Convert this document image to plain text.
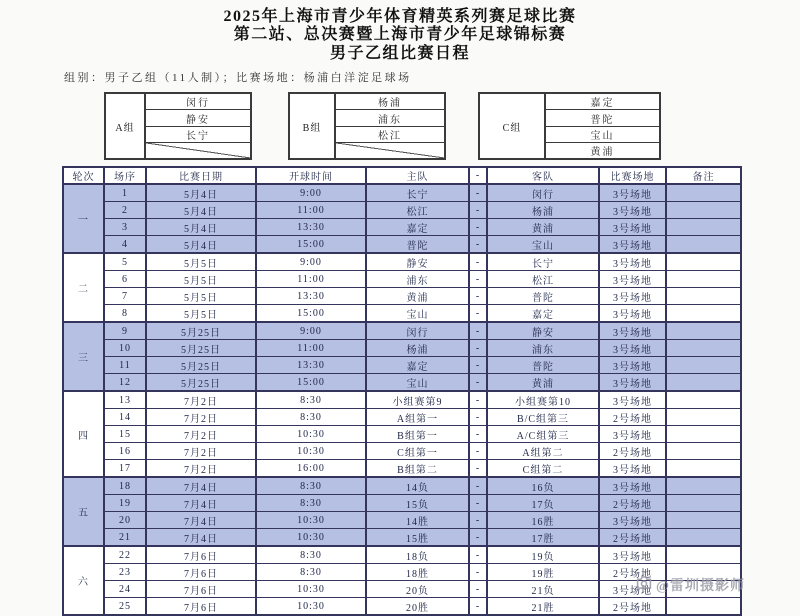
2025年上海市青少年体育精英系列赛足球比赛
第二站、总决赛暨上海市青少年足球锦标赛
男子乙组比赛日程
组别：男子乙组（11人制）；比赛场地：杨浦白洋淀足球场
A组
闵行
静安
长宁
B组
杨浦
浦东
松江
C组
嘉定
普陀
宝山
黄浦
轮次	场序	比赛日期	开球时间	主队	-	客队	比赛场地	备注
一	1	5月4日	9:00	长宁	-	闵行	3号场地	
	2	5月4日	11:00	松江	-	杨浦	3号场地	
	3	5月4日	13:30	嘉定	-	黄浦	3号场地	
	4	5月4日	15:00	普陀	-	宝山	3号场地	
二	5	5月5日	9:00	静安	-	长宁	3号场地	
	6	5月5日	11:00	浦东	-	松江	3号场地	
	7	5月5日	13:30	黄浦	-	普陀	3号场地	
	8	5月5日	15:00	宝山	-	嘉定	3号场地	
三	9	5月25日	9:00	闵行	-	静安	3号场地	
	10	5月25日	11:00	杨浦	-	浦东	3号场地	
	11	5月25日	13:30	嘉定	-	普陀	3号场地	
	12	5月25日	15:00	宝山	-	黄浦	3号场地	
四	13	7月2日	8:30	小组赛第9	-	小组赛第10	3号场地	
	14	7月2日	8:30	A组第一	-	B/C组第三	2号场地	
	15	7月2日	10:30	B组第一	-	A/C组第三	3号场地	
	16	7月2日	10:30	C组第一	-	A组第二	2号场地	
	17	7月2日	16:00	B组第二	-	C组第二	3号场地	
五	18	7月4日	8:30	14负	-	16负	3号场地	
	19	7月4日	8:30	15负	-	17负	2号场地	
	20	7月4日	10:30	14胜	-	16胜	3号场地	
	21	7月4日	10:30	15胜	-	17胜	2号场地	
六	22	7月6日	8:30	18负	-	19负	3号场地	
	23	7月6日	8:30	18胜	-	19胜	2号场地	
	24	7月6日	10:30	20负	-	21负	3号场地	
	25	7月6日	10:30	20胜	-	21胜	2号场地	
@雷圳摄影师
